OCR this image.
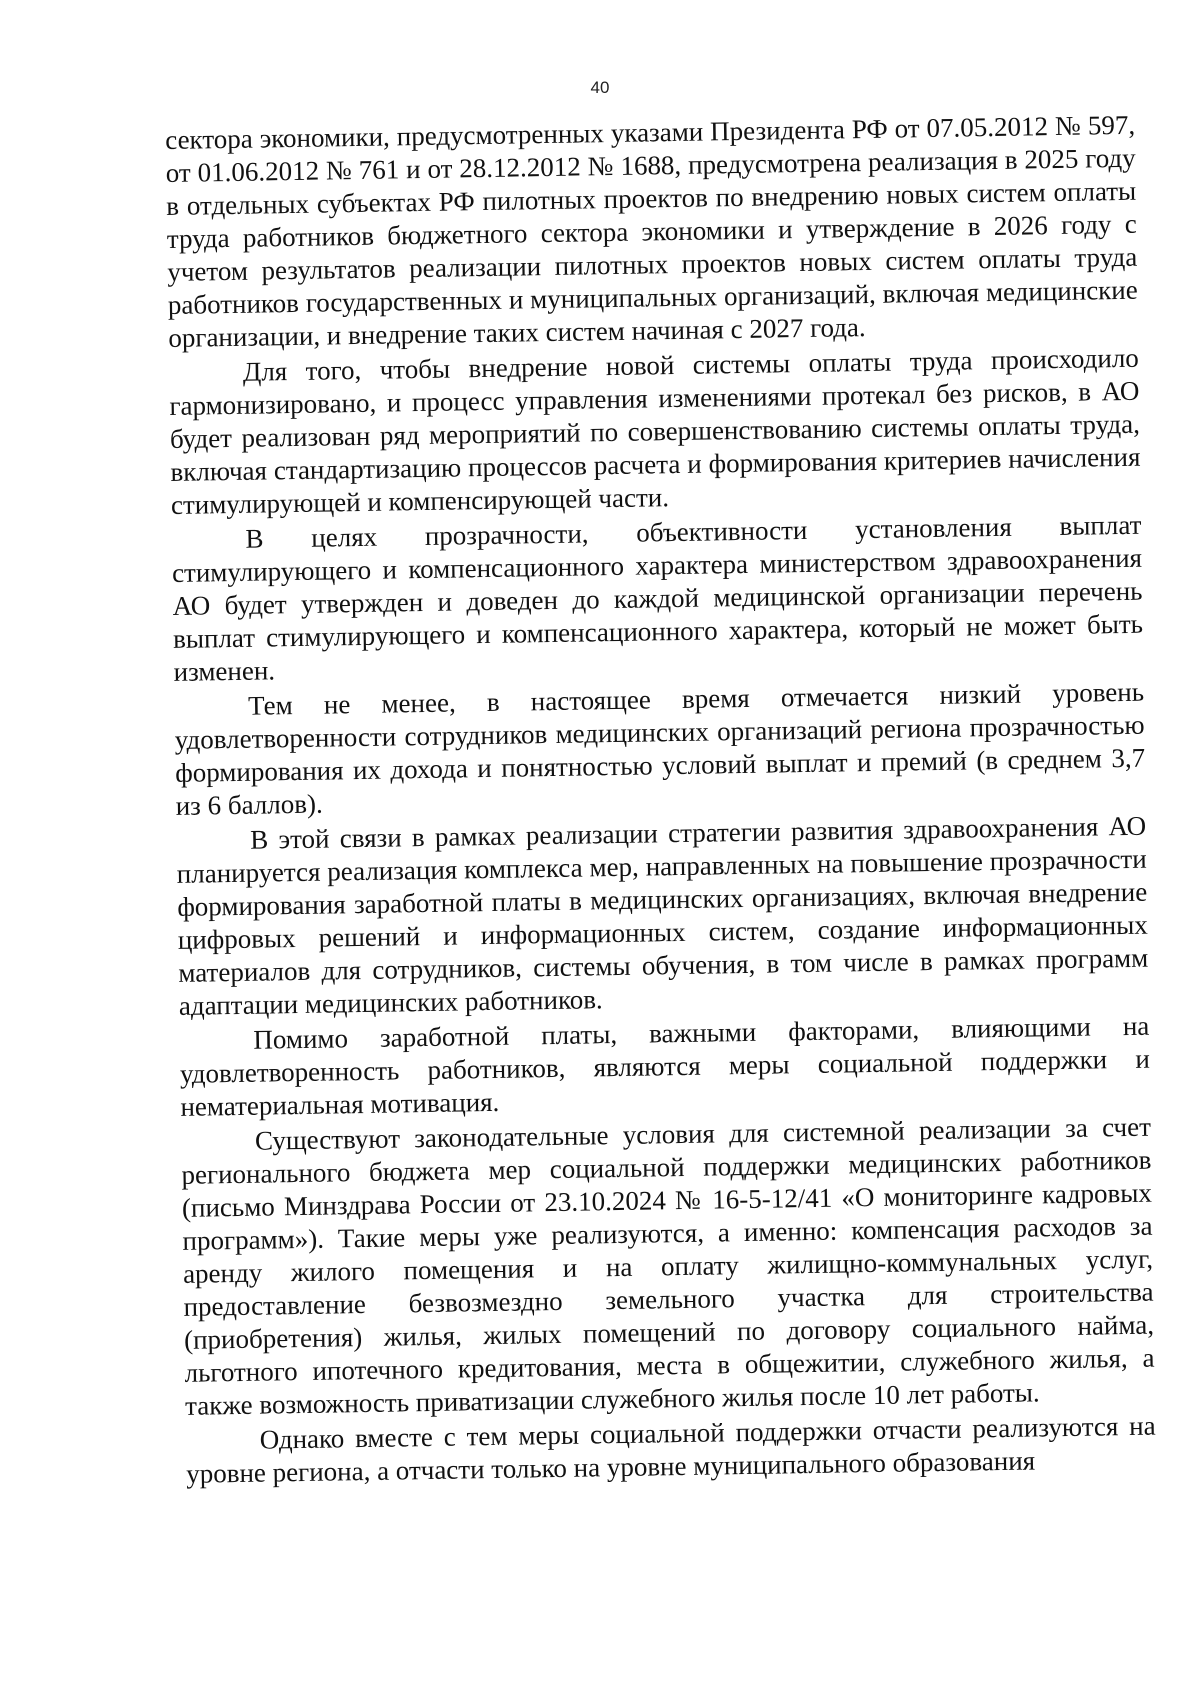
40

сектора экономики, предусмотренных указами Президента РФ от 07.05.2012 № 597, от 01.06.2012 № 761 и от 28.12.2012 № 1688, предусмотрена реализация в 2025 году в отдельных субъектах РФ пилотных проектов по внедрению новых систем оплаты труда работников бюджетного сектора экономики и утверждение в 2026 году с учетом результатов реализации пилотных проектов новых систем оплаты труда работников государственных и муниципальных организаций, включая медицинские организации, и внедрение таких систем начиная с 2027 года.

Для того, чтобы внедрение новой системы оплаты труда происходило гармонизировано, и процесс управления изменениями протекал без рисков, в АО будет реализован ряд мероприятий по совершенствованию системы оплаты труда, включая стандартизацию процессов расчета и формирования критериев начисления стимулирующей и компенсирующей части.

В целях прозрачности, объективности установления выплат стимулирующего и компенсационного характера министерством здравоохранения АО будет утвержден и доведен до каждой медицинской организации перечень выплат стимулирующего и компенсационного характера, который не может быть изменен.

Тем не менее, в настоящее время отмечается низкий уровень удовлетворенности сотрудников медицинских организаций региона прозрачностью формирования их дохода и понятностью условий выплат и премий (в среднем 3,7 из 6 баллов).

В этой связи в рамках реализации стратегии развития здравоохранения АО планируется реализация комплекса мер, направленных на повышение прозрачности формирования заработной платы в медицинских организациях, включая внедрение цифровых решений и информационных систем, создание информационных материалов для сотрудников, системы обучения, в том числе в рамках программ адаптации медицинских работников.

Помимо заработной платы, важными факторами, влияющими на удовлетворенность работников, являются меры социальной поддержки и нематериальная мотивация.

Существуют законодательные условия для системной реализации за счет регионального бюджета мер социальной поддержки медицинских работников (письмо Минздрава России от 23.10.2024 № 16-5-12/41 «О мониторинге кадровых программ»). Такие меры уже реализуются, а именно: компенсация расходов за аренду жилого помещения и на оплату жилищно-коммунальных услуг, предоставление безвозмездно земельного участка для строительства (приобретения) жилья, жилых помещений по договору социального найма, льготного ипотечного кредитования, места в общежитии, служебного жилья, а также возможность приватизации служебного жилья после 10 лет работы.

Однако вместе с тем меры социальной поддержки отчасти реализуются на уровне региона, а отчасти только на уровне муниципального образования
